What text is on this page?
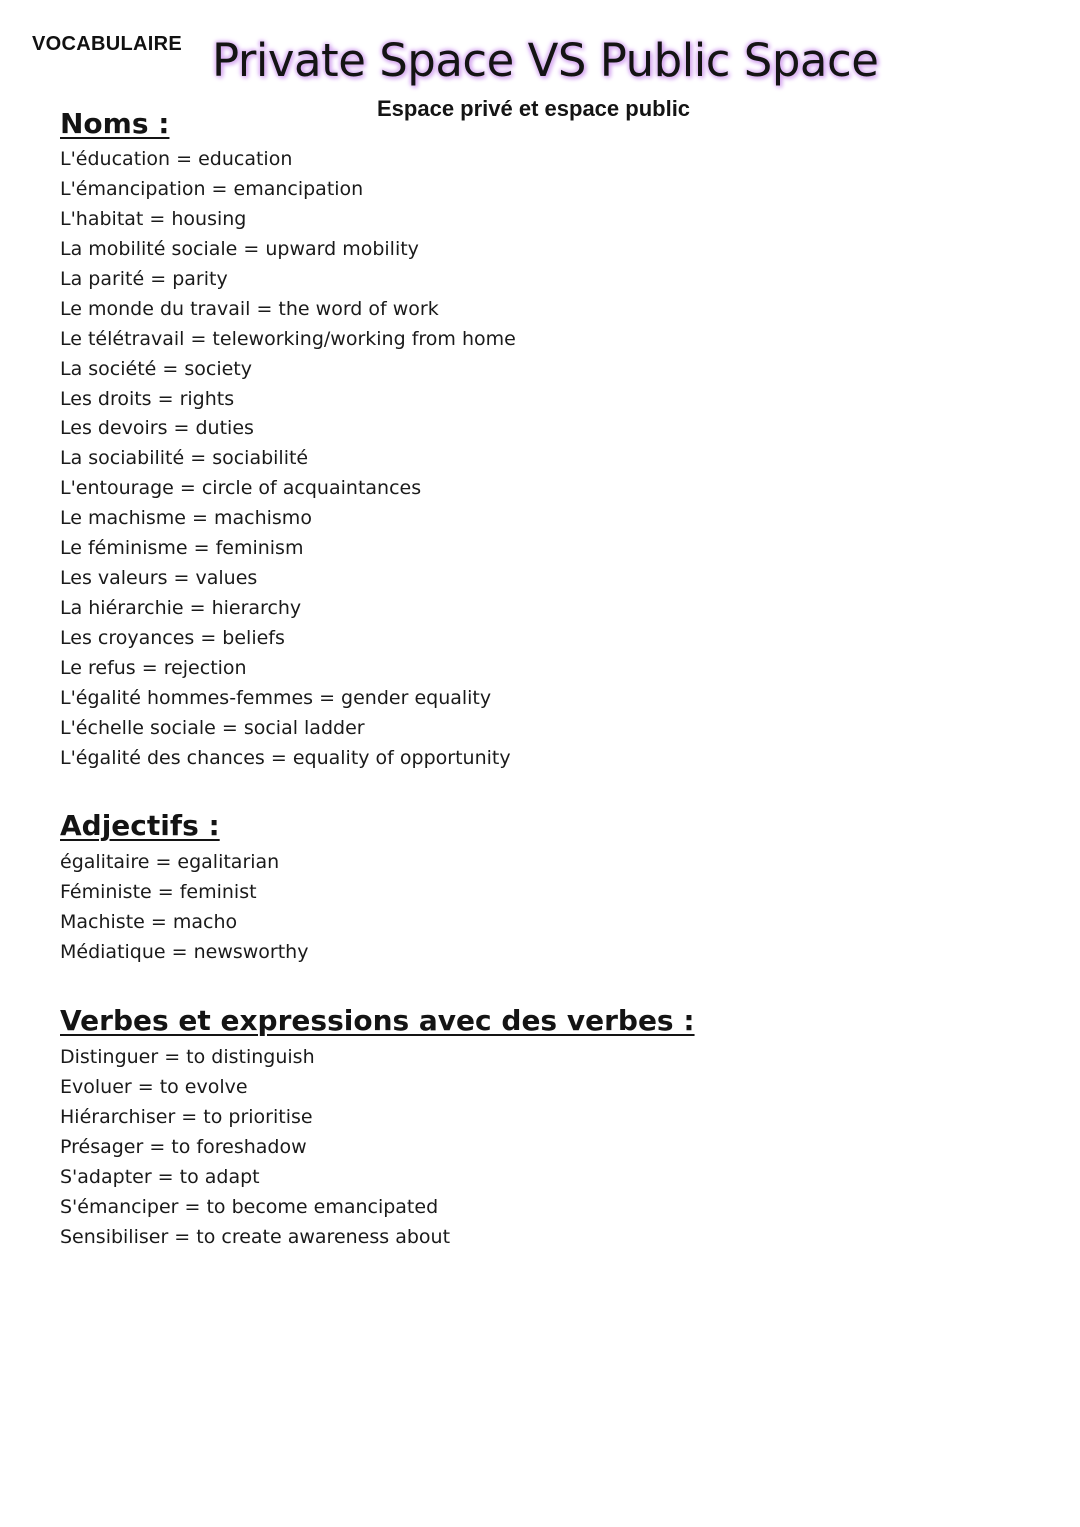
VOCABULAIRE Private Space VS Public Space
Espace privé et espace public
Noms :
L'éducation = education
L'émancipation = emancipation
L'habitat = housing
La mobilité sociale = upward mobility
La parité = parity
Le monde du travail = the word of work
Le télétravail = teleworking/working from home
La société = society
Les droits = rights
Les devoirs = duties
La sociabilité = sociabilité
L'entourage = circle of acquaintances
Le machisme = machismo
Le féminisme = feminism
Les valeurs = values
La hiérarchie = hierarchy
Les croyances = beliefs
Le refus = rejection
L'égalité hommes-femmes = gender equality
L'échelle sociale = social ladder
L'égalité des chances = equality of opportunity
Adjectifs :
égalitaire = egalitarian
Féministe = feminist
Machiste = macho
Médiatique = newsworthy
Verbes et expressions avec des verbes :
Distinguer = to distinguish
Evoluer = to evolve
Hiérarchiser = to prioritise
Présager = to foreshadow
S'adapter = to adapt
S'émanciper = to become emancipated
Sensibiliser = to create awareness about
